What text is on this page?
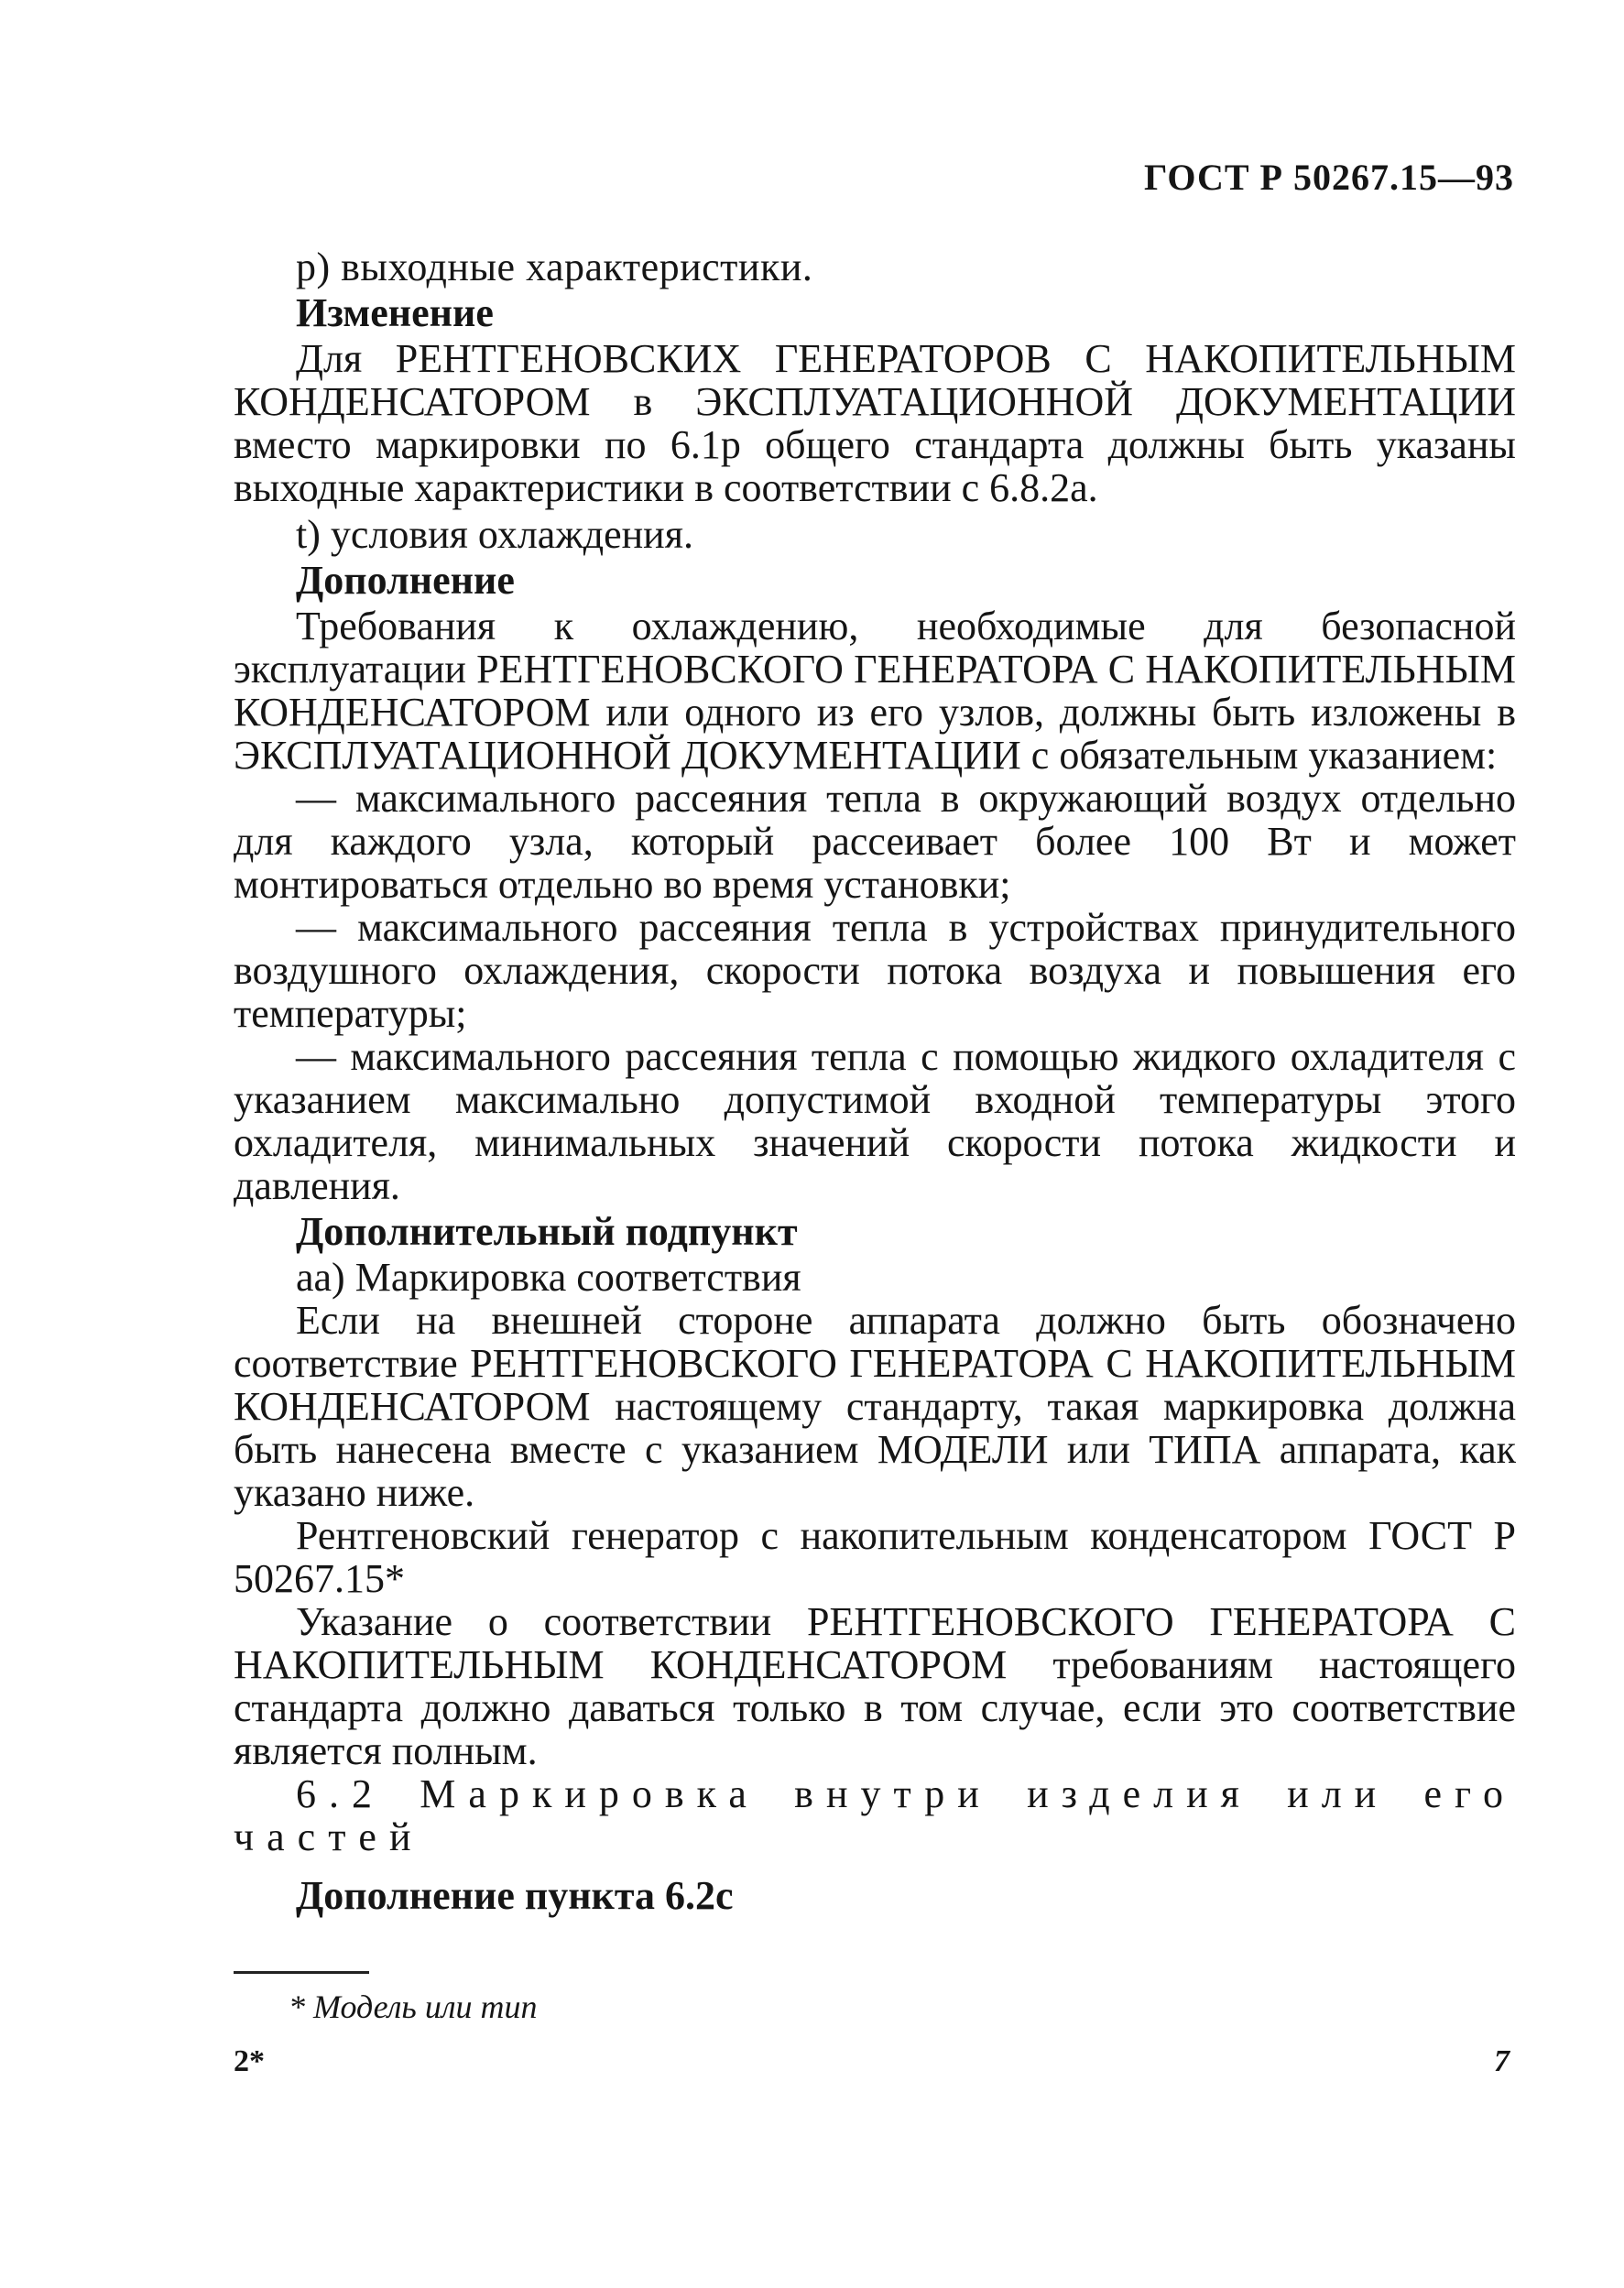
ГОСТ Р 50267.15—93

р) выходные характеристики.

Изменение

Для РЕНТГЕНОВСКИХ ГЕНЕРАТОРОВ С НАКОПИТЕЛЬНЫМ КОНДЕНСАТОРОМ в ЭКСПЛУАТАЦИОННОЙ ДОКУМЕНТАЦИИ вместо маркировки по 6.1р общего стандарта должны быть указаны выходные характеристики в соответствии с 6.8.2а.

t) условия охлаждения.

Дополнение

Требования к охлаждению, необходимые для безопасной эксплуатации РЕНТГЕНОВСКОГО ГЕНЕРАТОРА С НАКОПИТЕЛЬНЫМ КОНДЕНСАТОРОМ или одного из его узлов, должны быть изложены в ЭКСПЛУАТАЦИОННОЙ ДОКУМЕНТАЦИИ с обязательным указанием:

— максимального рассеяния тепла в окружающий воздух отдельно для каждого узла, который рассеивает более 100 Вт и может монтироваться отдельно во время установки;

— максимального рассеяния тепла в устройствах принудительного воздушного охлаждения, скорости потока воздуха и повышения его температуры;

— максимального рассеяния тепла с помощью жидкого охладителя с указанием максимально допустимой входной температуры этого охладителя, минимальных значений скорости потока жидкости и давления.

Дополнительный подпункт

аа) Маркировка соответствия

Если на внешней стороне аппарата должно быть обозначено соответствие РЕНТГЕНОВСКОГО ГЕНЕРАТОРА С НАКОПИТЕЛЬНЫМ КОНДЕНСАТОРОМ настоящему стандарту, такая маркировка должна быть нанесена вместе с указанием МОДЕЛИ или ТИПА аппарата, как указано ниже.

Рентгеновский генератор с накопительным конденсатором ГОСТ Р 50267.15*

Указание о соответствии РЕНТГЕНОВСКОГО ГЕНЕРАТОРА С НАКОПИТЕЛЬНЫМ КОНДЕНСАТОРОМ требованиям настоящего стандарта должно даваться только в том случае, если это соответствие является полным.

6.2 Маркировка внутри изделия или его частей

Дополнение пункта 6.2с

* Модель или тип
2*	7
